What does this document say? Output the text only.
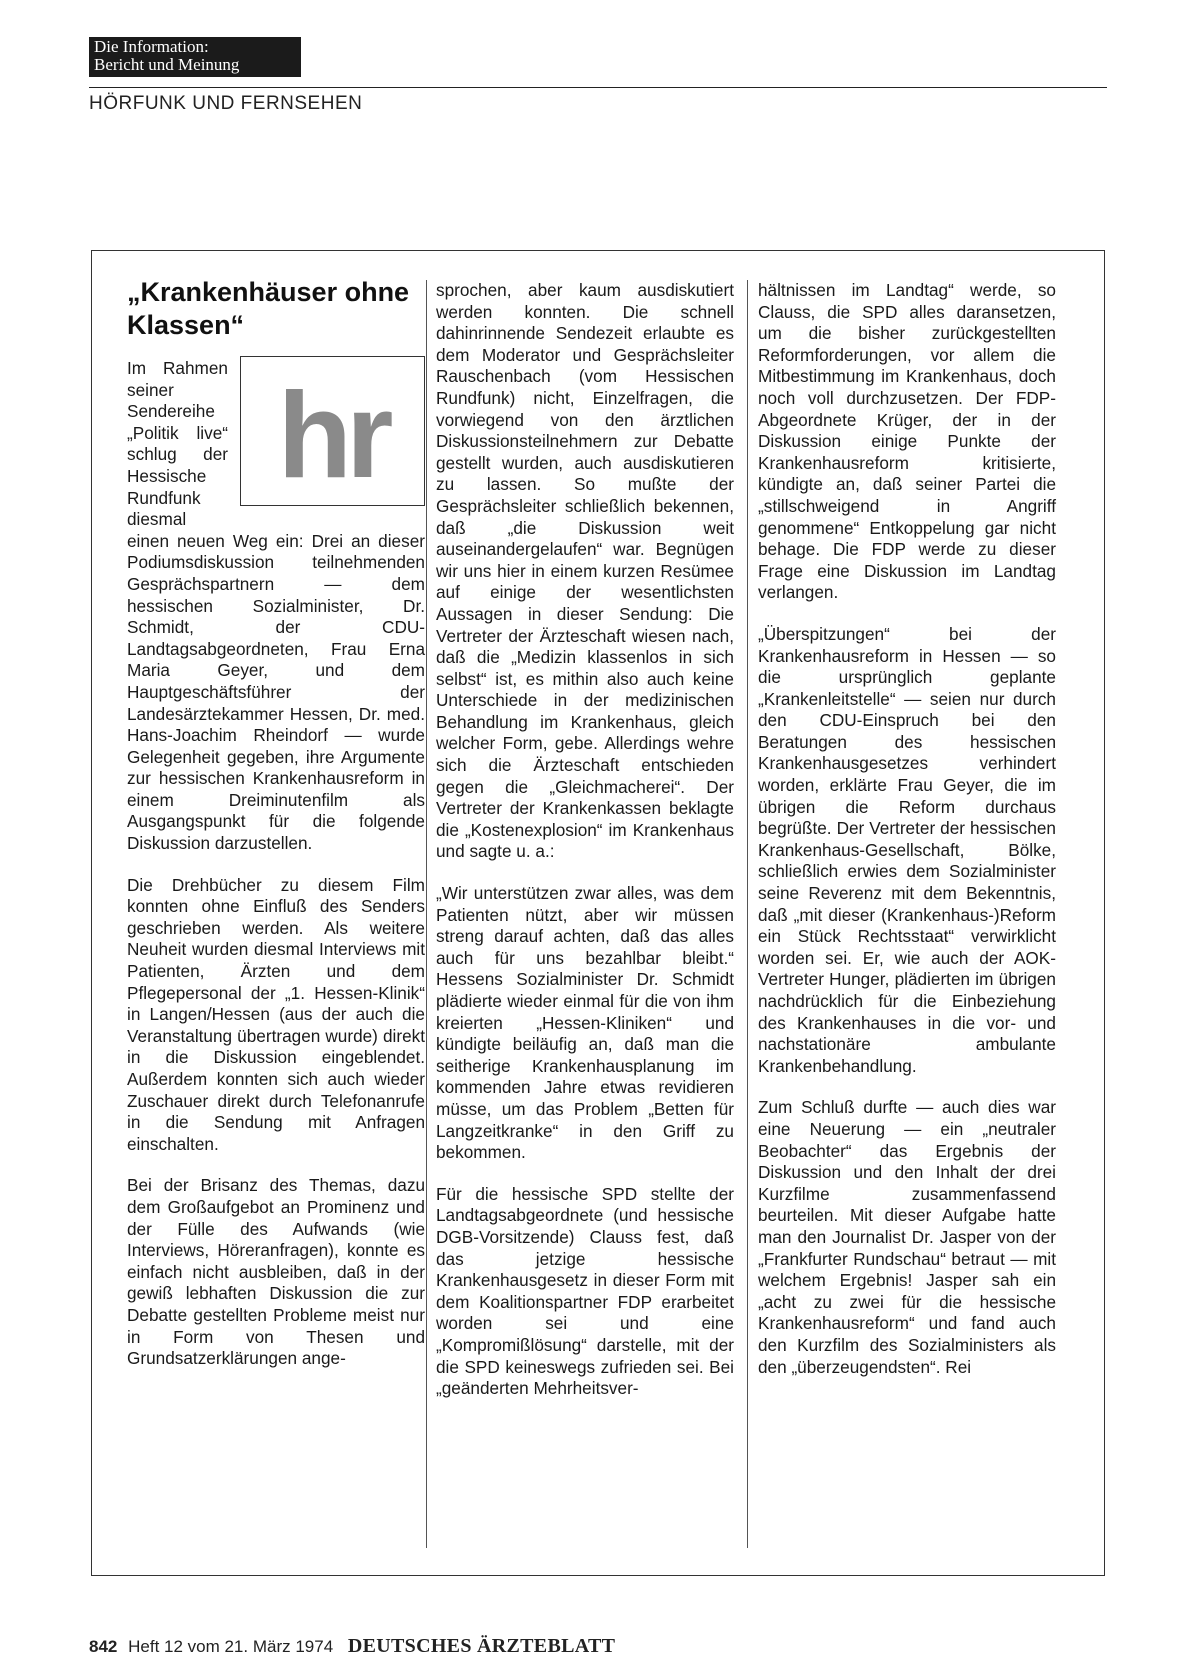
Die Information:
Bericht und Meinung
HÖRFUNK UND FERNSEHEN
„Krankenhäuser ohne Klassen“
hr

Im Rahmen seiner Sendereihe „Politik live“ schlug der Hessische Rundfunk diesmal einen neuen Weg ein: Drei an dieser Podiumsdiskussion teilnehmenden Gesprächspartnern — dem hessischen Sozialminister, Dr. Schmidt, der CDU-Landtagsabgeordneten, Frau Erna Maria Geyer, und dem Hauptgeschäftsführer der Landesärztekammer Hessen, Dr. med. Hans-Joachim Rheindorf — wurde Gelegenheit gegeben, ihre Argumente zur hessischen Krankenhausreform in einem Dreiminutenfilm als Ausgangspunkt für die folgende Diskussion darzustellen.

Die Drehbücher zu diesem Film konnten ohne Einfluß des Senders geschrieben werden. Als weitere Neuheit wurden diesmal Interviews mit Patienten, Ärzten und dem Pflegepersonal der „1. Hessen-Klinik“ in Langen/Hessen (aus der auch die Veranstaltung übertragen wurde) direkt in die Diskussion eingeblendet. Außerdem konnten sich auch wieder Zuschauer direkt durch Telefonanrufe in die Sendung mit Anfragen einschalten.

Bei der Brisanz des Themas, dazu dem Großaufgebot an Prominenz und der Fülle des Aufwands (wie Interviews, Höreranfragen), konnte es einfach nicht ausbleiben, daß in der gewiß lebhaften Diskussion die zur Debatte gestellten Probleme meist nur in Form von Thesen und Grundsatzerklärungen ange-

sprochen, aber kaum ausdiskutiert werden konnten. Die schnell dahinrinnende Sendezeit erlaubte es dem Moderator und Gesprächsleiter Rauschenbach (vom Hessischen Rundfunk) nicht, Einzelfragen, die vorwiegend von den ärztlichen Diskussionsteilnehmern zur Debatte gestellt wurden, auch ausdiskutieren zu lassen. So mußte der Gesprächsleiter schließlich bekennen, daß „die Diskussion weit auseinandergelaufen“ war. Begnügen wir uns hier in einem kurzen Resümee auf einige der wesentlichsten Aussagen in dieser Sendung: Die Vertreter der Ärzteschaft wiesen nach, daß die „Medizin klassenlos in sich selbst“ ist, es mithin also auch keine Unterschiede in der medizinischen Behandlung im Krankenhaus, gleich welcher Form, gebe. Allerdings wehre sich die Ärzteschaft entschieden gegen die „Gleichmacherei“. Der Vertreter der Krankenkassen beklagte die „Kostenexplosion“ im Krankenhaus und sagte u. a.:

„Wir unterstützen zwar alles, was dem Patienten nützt, aber wir müssen streng darauf achten, daß das alles auch für uns bezahlbar bleibt.“ Hessens Sozialminister Dr. Schmidt plädierte wieder einmal für die von ihm kreierten „Hessen-Kliniken“ und kündigte beiläufig an, daß man die seitherige Krankenhausplanung im kommenden Jahre etwas revidieren müsse, um das Problem „Betten für Langzeitkranke“ in den Griff zu bekommen.

Für die hessische SPD stellte der Landtagsabgeordnete (und hessische DGB-Vorsitzende) Clauss fest, daß das jetzige hessische Krankenhausgesetz in dieser Form mit dem Koalitionspartner FDP erarbeitet worden sei und eine „Kompromißlösung“ darstelle, mit der die SPD keineswegs zufrieden sei. Bei „geänderten Mehrheitsver-

hältnissen im Landtag“ werde, so Clauss, die SPD alles daransetzen, um die bisher zurückgestellten Reformforderungen, vor allem die Mitbestimmung im Krankenhaus, doch noch voll durchzusetzen. Der FDP-Abgeordnete Krüger, der in der Diskussion einige Punkte der Krankenhausreform kritisierte, kündigte an, daß seiner Partei die „stillschweigend in Angriff genommene“ Entkoppelung gar nicht behage. Die FDP werde zu dieser Frage eine Diskussion im Landtag verlangen.

„Überspitzungen“ bei der Krankenhausreform in Hessen — so die ursprünglich geplante „Krankenleitstelle“ — seien nur durch den CDU-Einspruch bei den Beratungen des hessischen Krankenhausgesetzes verhindert worden, erklärte Frau Geyer, die im übrigen die Reform durchaus begrüßte. Der Vertreter der hessischen Krankenhaus-Gesellschaft, Bölke, schließlich erwies dem Sozialminister seine Reverenz mit dem Bekenntnis, daß „mit dieser (Krankenhaus-)Reform ein Stück Rechtsstaat“ verwirklicht worden sei. Er, wie auch der AOK-Vertreter Hunger, plädierten im übrigen nachdrücklich für die Einbeziehung des Krankenhauses in die vor- und nachstationäre ambulante Krankenbehandlung.

Zum Schluß durfte — auch dies war eine Neuerung — ein „neutraler Beobachter“ das Ergebnis der Diskussion und den Inhalt der drei Kurzfilme zusammenfassend beurteilen. Mit dieser Aufgabe hatte man den Journalist Dr. Jasper von der „Frankfurter Rundschau“ betraut — mit welchem Ergebnis! Jasper sah ein „acht zu zwei für die hessische Krankenhausreform“ und fand auch den Kurzfilm des Sozialministers als den „überzeugendsten“. Rei

842 Heft 12 vom 21. März 1974 DEUTSCHES ÄRZTEBLATT
